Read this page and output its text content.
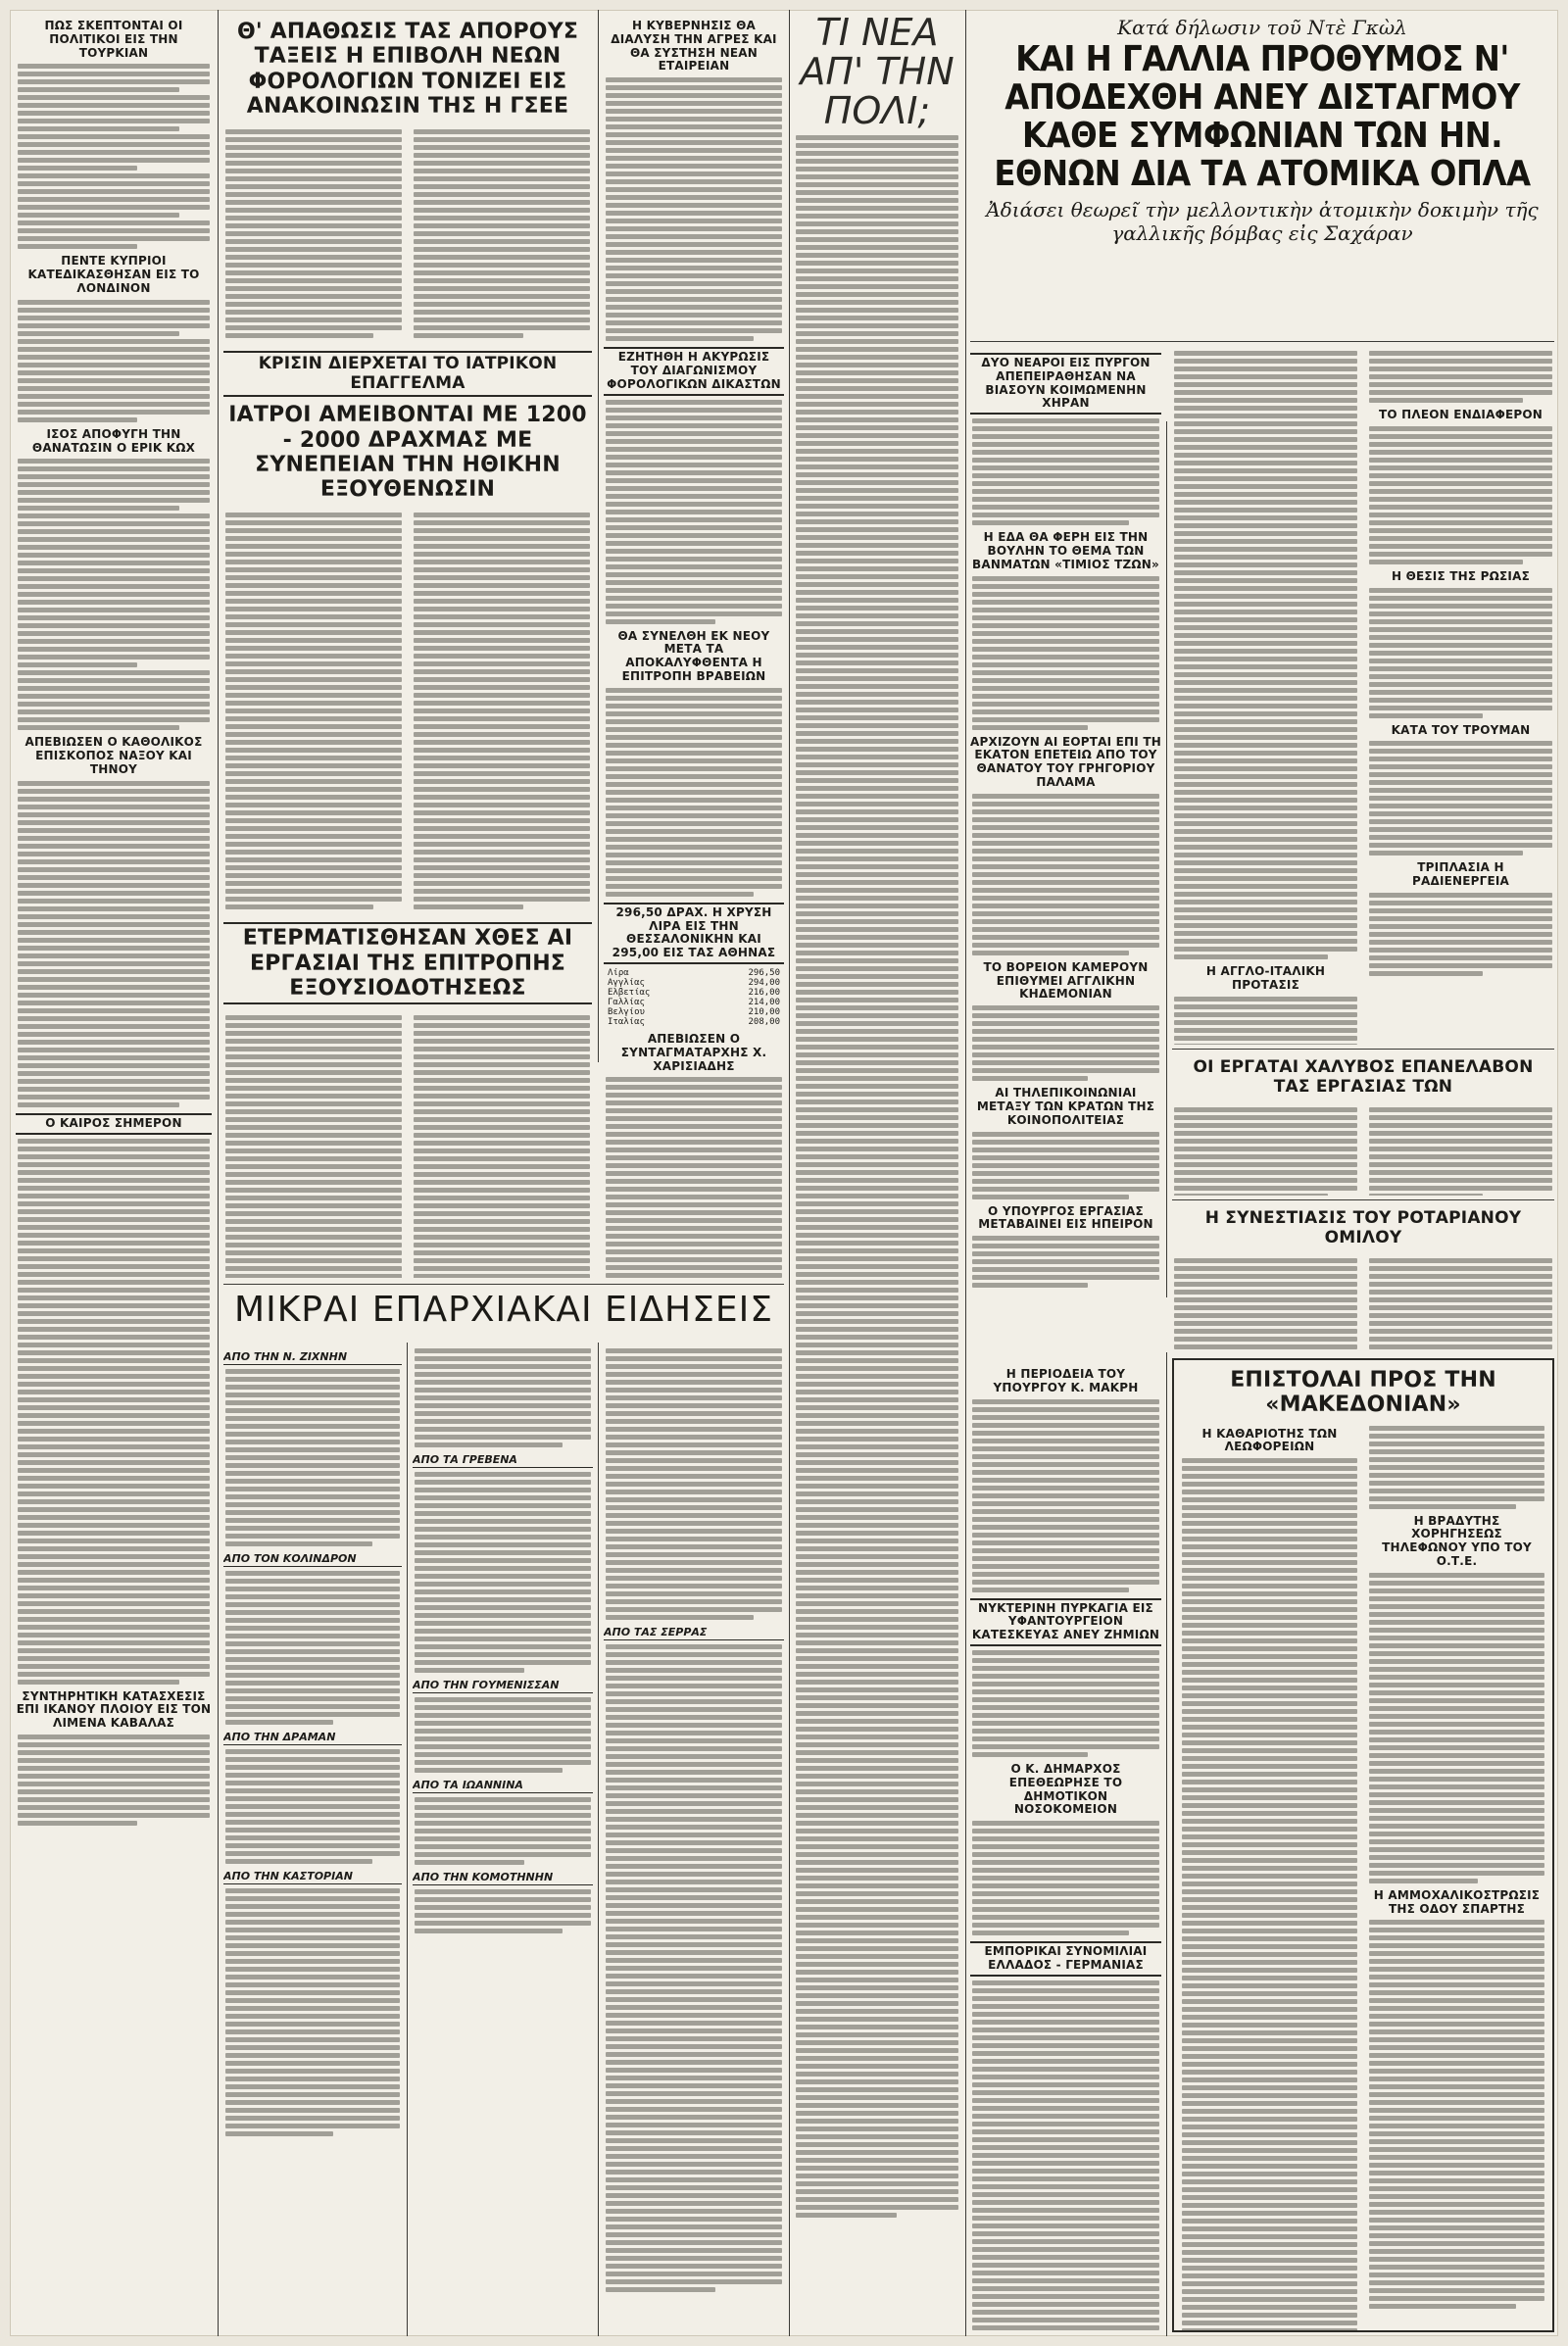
ΠΩΣ ΣΚΕΠΤΟΝΤΑΙ ΟΙ ΠΟΛΙΤΙΚΟΙ ΕΙΣ ΤΗΝ ΤΟΥΡΚΙΑΝ
ΠΕΝΤΕ ΚΥΠΡΙΟΙ ΚΑΤΕΔΙΚΑΣΘΗΣΑΝ ΕΙΣ ΤΟ ΛΟΝΔΙΝΟΝ
ΙΣΟΣ ΑΠΟΦΥΓΗ ΤΗΝ ΘΑΝΑΤΩΣΙΝ Ο ΕΡΙΚ ΚΩΧ
ΑΠΕΒΙΩΣΕΝ Ο ΚΑΘΟΛΙΚΟΣ ΕΠΙΣΚΟΠΟΣ ΝΑΞΟΥ ΚΑΙ ΤΗΝΟΥ
Ο ΚΑΙΡΟΣ ΣΗΜΕΡΟΝ
ΣΥΝΤΗΡΗΤΙΚΗ ΚΑΤΑΣΧΕΣΙΣ ΕΠΙ ΙΚΑΝΟΥ ΠΛΟΙΟΥ ΕΙΣ ΤΟΝ ΛΙΜΕΝΑ ΚΑΒΑΛΑΣ
Θ' ΑΠΑΘΩΣΙΣ ΤΑΣ ΑΠΟΡΟΥΣ ΤΑΞΕΙΣ Η ΕΠΙΒΟΛΗ ΝΕΩΝ ΦΟΡΟΛΟΓΙΩΝ ΤΟΝΙΖΕΙ ΕΙΣ ΑΝΑΚΟΙΝΩΣΙΝ ΤΗΣ Η ΓΣΕΕ
ΚΡΙΣΙΝ ΔΙΕΡΧΕΤΑΙ ΤΟ ΙΑΤΡΙΚΟΝ ΕΠΑΓΓΕΛΜΑ
ΙΑΤΡΟΙ ΑΜΕΙΒΟΝΤΑΙ ΜΕ 1200 - 2000 ΔΡΑΧΜΑΣ ΜΕ ΣΥΝΕΠΕΙΑΝ ΤΗΝ ΗΘΙΚΗΝ ΕΞΟΥΘΕΝΩΣΙΝ
ΕΤΕΡΜΑΤΙΣΘΗΣΑΝ ΧΘΕΣ ΑΙ ΕΡΓΑΣΙΑΙ ΤΗΣ ΕΠΙΤΡΟΠΗΣ ΕΞΟΥΣΙΟΔΟΤΗΣΕΩΣ
Η ΚΥΒΕΡΝΗΣΙΣ ΘΑ ΔΙΑΛΥΣΗ ΤΗΝ ΑΓΡΕΣ ΚΑΙ ΘΑ ΣΥΣΤΗΣΗ ΝΕΑΝ ΕΤΑΙΡΕΙΑΝ
ΕΖΗΤΗΘΗ Η ΑΚΥΡΩΣΙΣ ΤΟΥ ΔΙΑΓΩΝΙΣΜΟΥ ΦΟΡΟΛΟΓΙΚΩΝ ΔΙΚΑΣΤΩΝ
ΘΑ ΣΥΝΕΛΘΗ ΕΚ ΝΕΟΥ ΜΕΤΑ ΤΑ ΑΠΟΚΑΛΥΦΘΕΝΤΑ Η ΕΠΙΤΡΟΠΗ ΒΡΑΒΕΙΩΝ
296,50 ΔΡΑΧ. Η ΧΡΥΣΗ ΛΙΡΑ ΕΙΣ ΤΗΝ ΘΕΣΣΑΛΟΝΙΚΗΝ ΚΑΙ 295,00 ΕΙΣ ΤΑΣ ΑΘΗΝΑΣ
Λίρα	296,50
Αγγλίας	294,00
Ελβετίας	216,00
Γαλλίας	214,00
Βελγίου	210,00
Ιταλίας	208,00
ΑΠΕΒΙΩΣΕΝ Ο ΣΥΝΤΑΓΜΑΤΑΡΧΗΣ Χ. ΧΑΡΙΣΙΑΔΗΣ
ΤΙ ΝΕΑ ΑΠ' ΤΗΝ ΠΟΛΙ;
Κατά δήλωσιν τοῦ Ντὲ Γκὼλ
ΚΑΙ Η ΓΑΛΛΙΑ ΠΡΟΘΥΜΟΣ Ν' ΑΠΟΔΕΧΘΗ ΑΝΕΥ ΔΙΣΤΑΓΜΟΥ ΚΑΘΕ ΣΥΜΦΩΝΙΑΝ ΤΩΝ ΗΝ. ΕΘΝΩΝ ΔΙΑ ΤΑ ΑΤΟΜΙΚΑ ΟΠΛΑ
Ἀδιάσει θεωρεῖ τὴν μελλοντικὴν ἀτομικὴν δοκιμὴν τῆς γαλλικῆς βόμβας εἰς Σαχάραν
ΔΥΟ ΝΕΑΡΟΙ ΕΙΣ ΠΥΡΓΟΝ ΑΠΕΠΕΙΡΑΘΗΣΑΝ ΝΑ ΒΙΑΣΟΥΝ ΚΟΙΜΩΜΕΝΗΝ ΧΗΡΑΝ
Η ΕΔΑ ΘΑ ΦΕΡΗ ΕΙΣ ΤΗΝ ΒΟΥΛΗΝ ΤΟ ΘΕΜΑ ΤΩΝ ΒΑΝΜΑΤΩΝ «ΤΙΜΙΟΣ ΤΖΩΝ»
ΑΡΧΙΖΟΥΝ ΑΙ ΕΟΡΤΑΙ ΕΠΙ ΤΗ ΕΚΑΤΟΝ ΕΠΕΤΕΙΩ ΑΠΟ ΤΟΥ ΘΑΝΑΤΟΥ ΤΟΥ ΓΡΗΓΟΡΙΟΥ ΠΑΛΑΜΑ
ΤΟ ΒΟΡΕΙΟΝ ΚΑΜΕΡΟΥΝ ΕΠΙΘΥΜΕΙ ΑΓΓΛΙΚΗΝ ΚΗΔΕΜΟΝΙΑΝ
ΑΙ ΤΗΛΕΠΙΚΟΙΝΩΝΙΑΙ ΜΕΤΑΞΥ ΤΩΝ ΚΡΑΤΩΝ ΤΗΣ ΚΟΙΝΟΠΟΛΙΤΕΙΑΣ
Ο ΥΠΟΥΡΓΟΣ ΕΡΓΑΣΙΑΣ ΜΕΤΑΒΑΙΝΕΙ ΕΙΣ ΗΠΕΙΡΟΝ
Η ΑΓΓΛΟ-ΙΤΑΛΙΚΗ ΠΡΟΤΑΣΙΣ
ΤΟ ΠΛΕΟΝ ΕΝΔΙΑΦΕΡΟΝ
Η ΘΕΣΙΣ ΤΗΣ ΡΩΣΙΑΣ
ΚΑΤΑ ΤΟΥ ΤΡΟΥΜΑΝ
ΤΡΙΠΛΑΣΙΑ Η ΡΑΔΙΕΝΕΡΓΕΙΑ
ΟΙ ΕΡΓΑΤΑΙ ΧΑΛΥΒΟΣ ΕΠΑΝΕΛΑΒΟΝ ΤΑΣ ΕΡΓΑΣΙΑΣ ΤΩΝ
Η ΣΥΝΕΣΤΙΑΣΙΣ ΤΟΥ ΡΟΤΑΡΙΑΝΟΥ ΟΜΙΛΟΥ
Η ΠΕΡΙΟΔΕΙΑ ΤΟΥ ΥΠΟΥΡΓΟΥ Κ. ΜΑΚΡΗ
ΝΥΚΤΕΡΙΝΗ ΠΥΡΚΑΓΙΑ ΕΙΣ ΥΦΑΝΤΟΥΡΓΕΙΟΝ ΚΑΤΕΣΚΕΥΑΣ ΑΝΕΥ ΖΗΜΙΩΝ
Ο Κ. ΔΗΜΑΡΧΟΣ ΕΠΕΘΕΩΡΗΣΕ ΤΟ ΔΗΜΟΤΙΚΟΝ ΝΟΣΟΚΟΜΕΙΟΝ
ΕΜΠΟΡΙΚΑΙ ΣΥΝΟΜΙΛΙΑΙ ΕΛΛΑΔΟΣ - ΓΕΡΜΑΝΙΑΣ
ΕΠΙΣΤΟΛΑΙ ΠΡΟΣ ΤΗΝ «ΜΑΚΕΔΟΝΙΑΝ»
Η ΚΑΘΑΡΙΟΤΗΣ ΤΩΝ ΛΕΩΦΟΡΕΙΩΝ
Η ΒΡΑΔΥΤΗΣ ΧΟΡΗΓΗΣΕΩΣ ΤΗΛΕΦΩΝΟΥ ΥΠΟ ΤΟΥ Ο.Τ.Ε.
Η ΑΜΜΟΧΑΛΙΚΟΣΤΡΩΣΙΣ ΤΗΣ ΟΔΟΥ ΣΠΑΡΤΗΣ
ΜΙΚΡΑΙ ΕΠΑΡΧΙΑΚΑΙ ΕΙΔΗΣΕΙΣ
ΑΠΟ ΤΗΝ Ν. ΖΙΧΝΗΝ
ΑΠΟ ΤΟΝ ΚΟΛΙΝΔΡΟΝ
ΑΠΟ ΤΗΝ ΔΡΑΜΑΝ
ΑΠΟ ΤΗΝ ΚΑΣΤΟΡΙΑΝ
ΑΠΟ ΤΑ ΓΡΕΒΕΝΑ
ΑΠΟ ΤΗΝ ΓΟΥΜΕΝΙΣΣΑΝ
ΑΠΟ ΤΑ ΙΩΑΝΝΙΝΑ
ΑΠΟ ΤΗΝ ΚΟΜΟΤΗΝΗΝ
ΑΠΟ ΤΑΣ ΣΕΡΡΑΣ
